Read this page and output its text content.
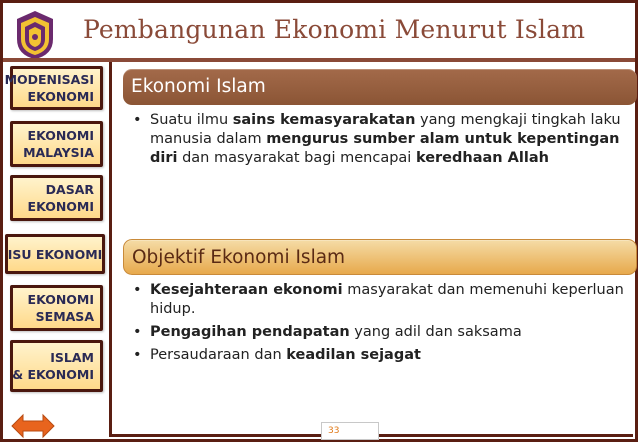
Pembangunan Ekonomi Menurut Islam
MODENISASI
EKONOMI
EKONOMI
MALAYSIA
DASAR
EKONOMI
ISU EKONOMI
EKONOMI
SEMASA
ISLAM
& EKONOMI
Ekonomi Islam
• Suatu ilmu sains kemasyarakatan yang mengkaji tingkah laku manusia dalam mengurus sumber alam untuk kepentingan diri dan masyarakat bagi mencapai keredhaan Allah
Objektif Ekonomi Islam
• Kesejahteraan ekonomi masyarakat dan memenuhi keperluan hidup.
• Pengagihan pendapatan yang adil dan saksama
• Persaudaraan dan keadilan sejagat
33
